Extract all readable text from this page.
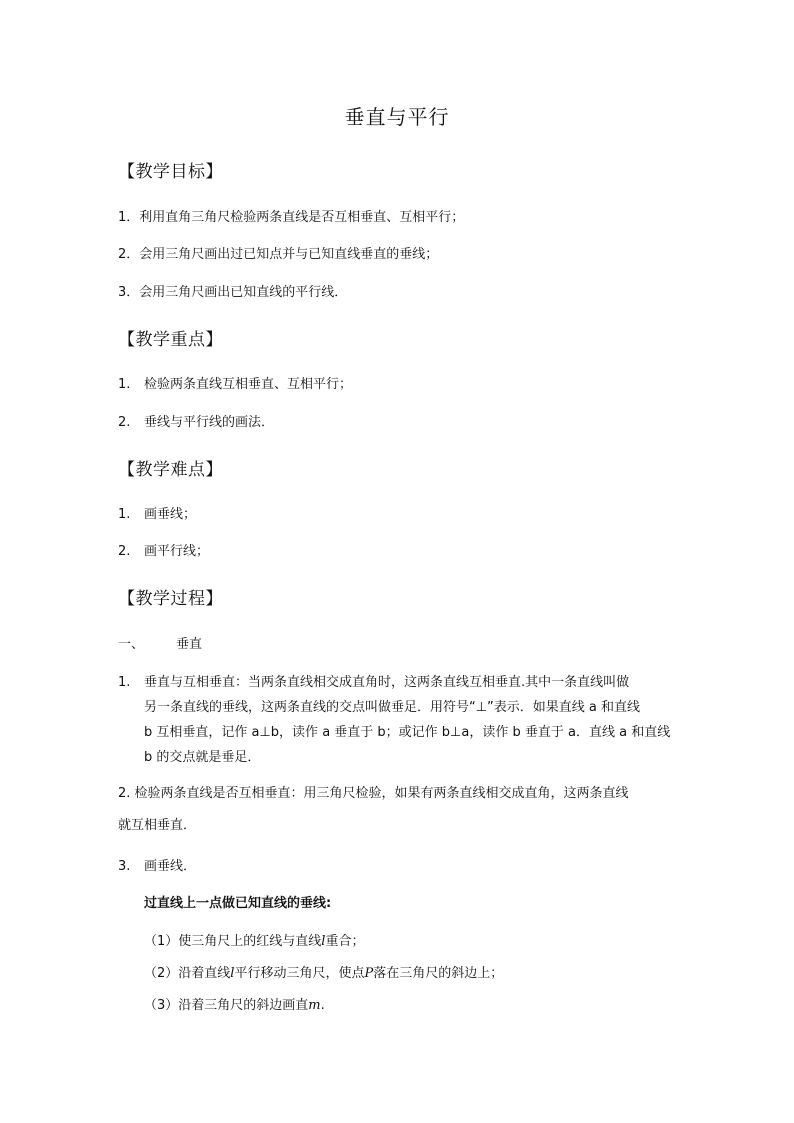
垂直与平行
【教学目标】
1．利用直角三角尺检验两条直线是否互相垂直、互相平行；
2．会用三角尺画出过已知点并与已知直线垂直的垂线；
3．会用三角尺画出已知直线的平行线．
【教学重点】
1. 检验两条直线互相垂直、互相平行；
2. 垂线与平行线的画法．
【教学难点】
1. 画垂线；
2. 画平行线；
【教学过程】
一、 垂直
1. 垂直与互相垂直：当两条直线相交成直角时，这两条直线互相垂直.其中一条直线叫做
另一条直线的垂线，这两条直线的交点叫做垂足．用符号“⊥”表示．如果直线 a 和直线
b 互相垂直，记作 a⊥b，读作 a 垂直于 b；或记作 b⊥a，读作 b 垂直于 a．直线 a 和直线
b 的交点就是垂足．
2. 检验两条直线是否互相垂直：用三角尺检验，如果有两条直线相交成直角，这两条直线
就互相垂直．
3. 画垂线．
过直线上一点做已知直线的垂线:
（1）使三角尺上的红线与直线l重合；
（2）沿着直线l平行移动三角尺，使点P落在三角尺的斜边上；
（3）沿着三角尺的斜边画直m.
